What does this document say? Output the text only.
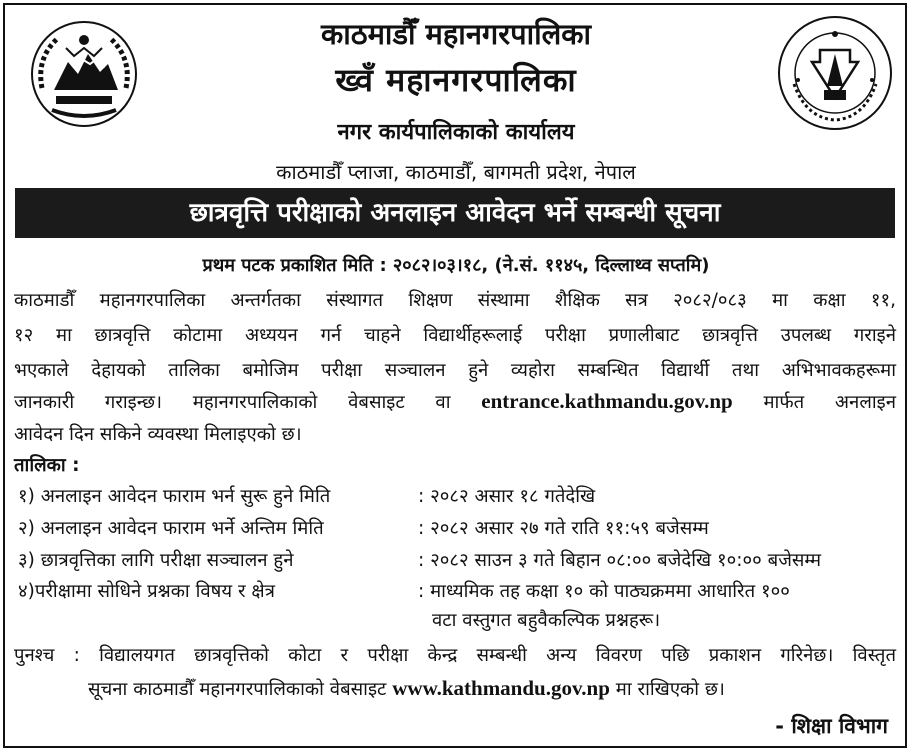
काठमाडौँ महानगरपालिका
ख्वँ महानगरपालिका
नगर कार्यपालिकाको कार्यालय
काठमाडौँ प्लाजा, काठमाडौँ, बागमती प्रदेश, नेपाल
छात्रवृत्ति परीक्षाको अनलाइन आवेदन भर्ने सम्बन्धी सूचना
प्रथम पटक प्रकाशित मिति : २०८२।०३।१८, (ने.सं. ११४५, दिल्लाथ्व सप्तमि)
काठमाडौँ महानगरपालिका अन्तर्गतका संस्थागत शिक्षण संस्थामा शैक्षिक सत्र २०८२/०८३ मा कक्षा ११,
१२ मा छात्रवृत्ति कोटामा अध्ययन गर्न चाहने विद्यार्थीहरूलाई परीक्षा प्रणालीबाट छात्रवृत्ति उपलब्ध गराइने
भएकाले देहायको तालिका बमोजिम परीक्षा सञ्चालन हुने व्यहोरा सम्बन्धित विद्यार्थी तथा अभिभावकहरूमा
जानकारी गराइन्छ। महानगरपालिकाको वेबसाइट वा entrance.kathmandu.gov.np मार्फत अनलाइन
आवेदन दिन सकिने व्यवस्था मिलाइएको छ।
तालिका :
१) अनलाइन आवेदन फाराम भर्न सुरू हुने मिति	: २०८२ असार १८ गतेदेखि
२) अनलाइन आवेदन फाराम भर्ने अन्तिम मिति	: २०८२ असार २७ गते राति ११:५९ बजेसम्म
३) छात्रवृत्तिका लागि परीक्षा सञ्चालन हुने	: २०८२ साउन ३ गते बिहान ०८:०० बजेदेखि १०:०० बजेसम्म
४)परीक्षामा सोधिने प्रश्नका विषय र क्षेत्र	: माध्यमिक तह कक्षा १० को पाठ्यक्रममा आधारित १००
वटा वस्तुगत बहुवैकल्पिक प्रश्नहरू।
पुनश्च : विद्यालयगत छात्रवृत्तिको कोटा र परीक्षा केन्द्र सम्बन्धी अन्य विवरण पछि प्रकाशन गरिनेछ। विस्तृत
सूचना काठमाडौँ महानगरपालिकाको वेबसाइट www.kathmandu.gov.np मा राखिएको छ।
- शिक्षा विभाग
